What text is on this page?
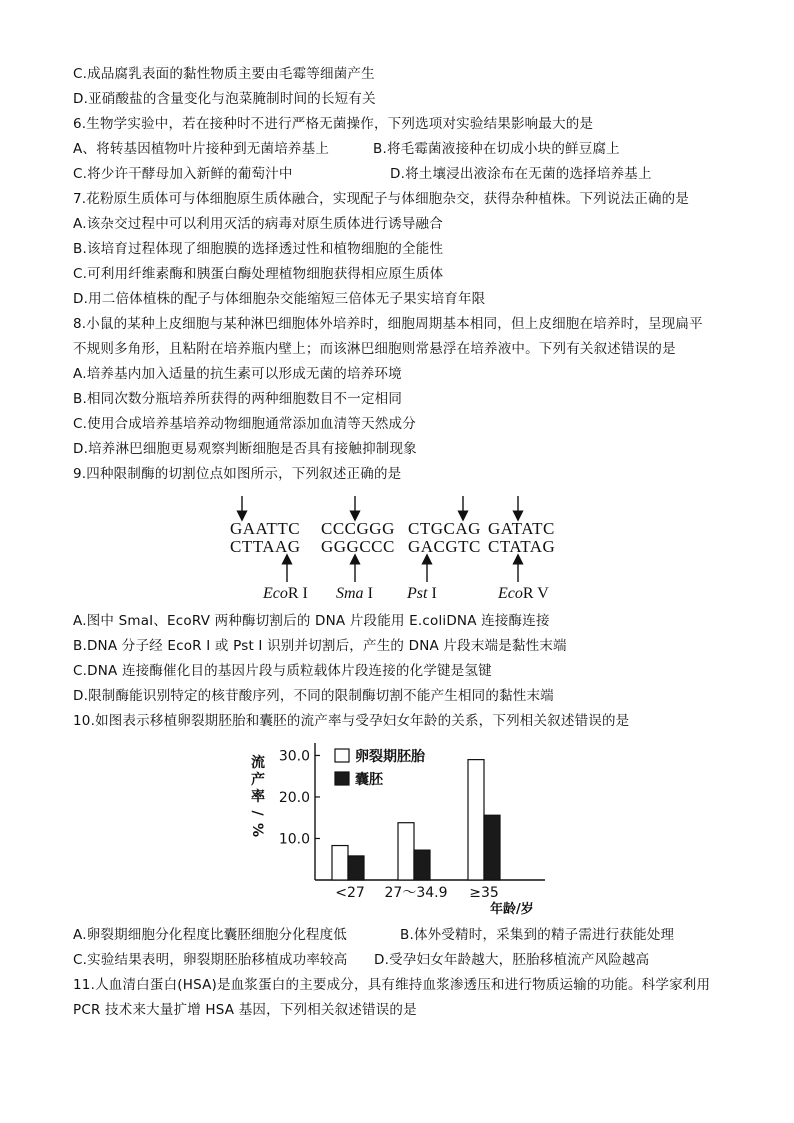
C.成品腐乳表面的黏性物质主要由毛霉等细菌产生
D.亚硝酸盐的含量变化与泡菜腌制时间的长短有关
6.生物学实验中，若在接种时不进行严格无菌操作，下列选项对实验结果影响最大的是
A、将转基因植物叶片接种到无菌培养基上	B.将毛霉菌液接种在切成小块的鲜豆腐上
C.将少许干酵母加入新鲜的葡萄汁中	D.将土壤浸出液涂布在无菌的选择培养基上
7.花粉原生质体可与体细胞原生质体融合，实现配子与体细胞杂交，获得杂种植株。下列说法正确的是
A.该杂交过程中可以利用灭活的病毒对原生质体进行诱导融合
B.该培育过程体现了细胞膜的选择透过性和植物细胞的全能性
C.可利用纤维素酶和胰蛋白酶处理植物细胞获得相应原生质体
D.用二倍体植株的配子与体细胞杂交能缩短三倍体无子果实培育年限
8.小鼠的某种上皮细胞与某种淋巴细胞体外培养时，细胞周期基本相同，但上皮细胞在培养时，呈现扁平
不规则多角形，且粘附在培养瓶内壁上；而该淋巴细胞则常悬浮在培养液中。下列有关叙述错误的是
A.培养基内加入适量的抗生素可以形成无菌的培养环境
B.相同次数分瓶培养所获得的两种细胞数目不一定相同
C.使用合成培养基培养动物细胞通常添加血清等天然成分
D.培养淋巴细胞更易观察判断细胞是否具有接触抑制现象
9.四种限制酶的切割位点如图所示，下列叙述正确的是
GAATTC
CTTAAG
CCCGGG
GGGCCC
CTGCAG
GACGTC
GATATC
CTATAG
EcoR I Sma I Pst I	EcoR V
A.图中 SmaI、EcoRV 两种酶切割后的 DNA 片段能用 E.coliDNA 连接酶连接
B.DNA 分子经 EcoR I 或 Pst I 识别并切割后，产生的 DNA 片段末端是黏性末端
C.DNA 连接酶催化目的基因片段与质粒载体片段连接的化学键是氢键
D.限制酶能识别特定的核苷酸序列，不同的限制酶切割不能产生相同的黏性末端
10.如图表示移植卵裂期胚胎和囊胚的流产率与受孕妇女年龄的关系，下列相关叙述错误的是
流
产
率
/
%
10.0
20.0
30.0
<27 27～34.9 ≥35
卵裂期胚胎
囊胚
年龄/岁
A.卵裂期细胞分化程度比囊胚细胞分化程度低	B.体外受精时，采集到的精子需进行获能处理
C.实验结果表明，卵裂期胚胎移植成功率较高 D.受孕妇女年龄越大，胚胎移植流产风险越高
11.人血清白蛋白(HSA)是血浆蛋白的主要成分，具有维持血浆渗透压和进行物质运输的功能。科学家利用
PCR 技术来大量扩增 HSA 基因，下列相关叙述错误的是
